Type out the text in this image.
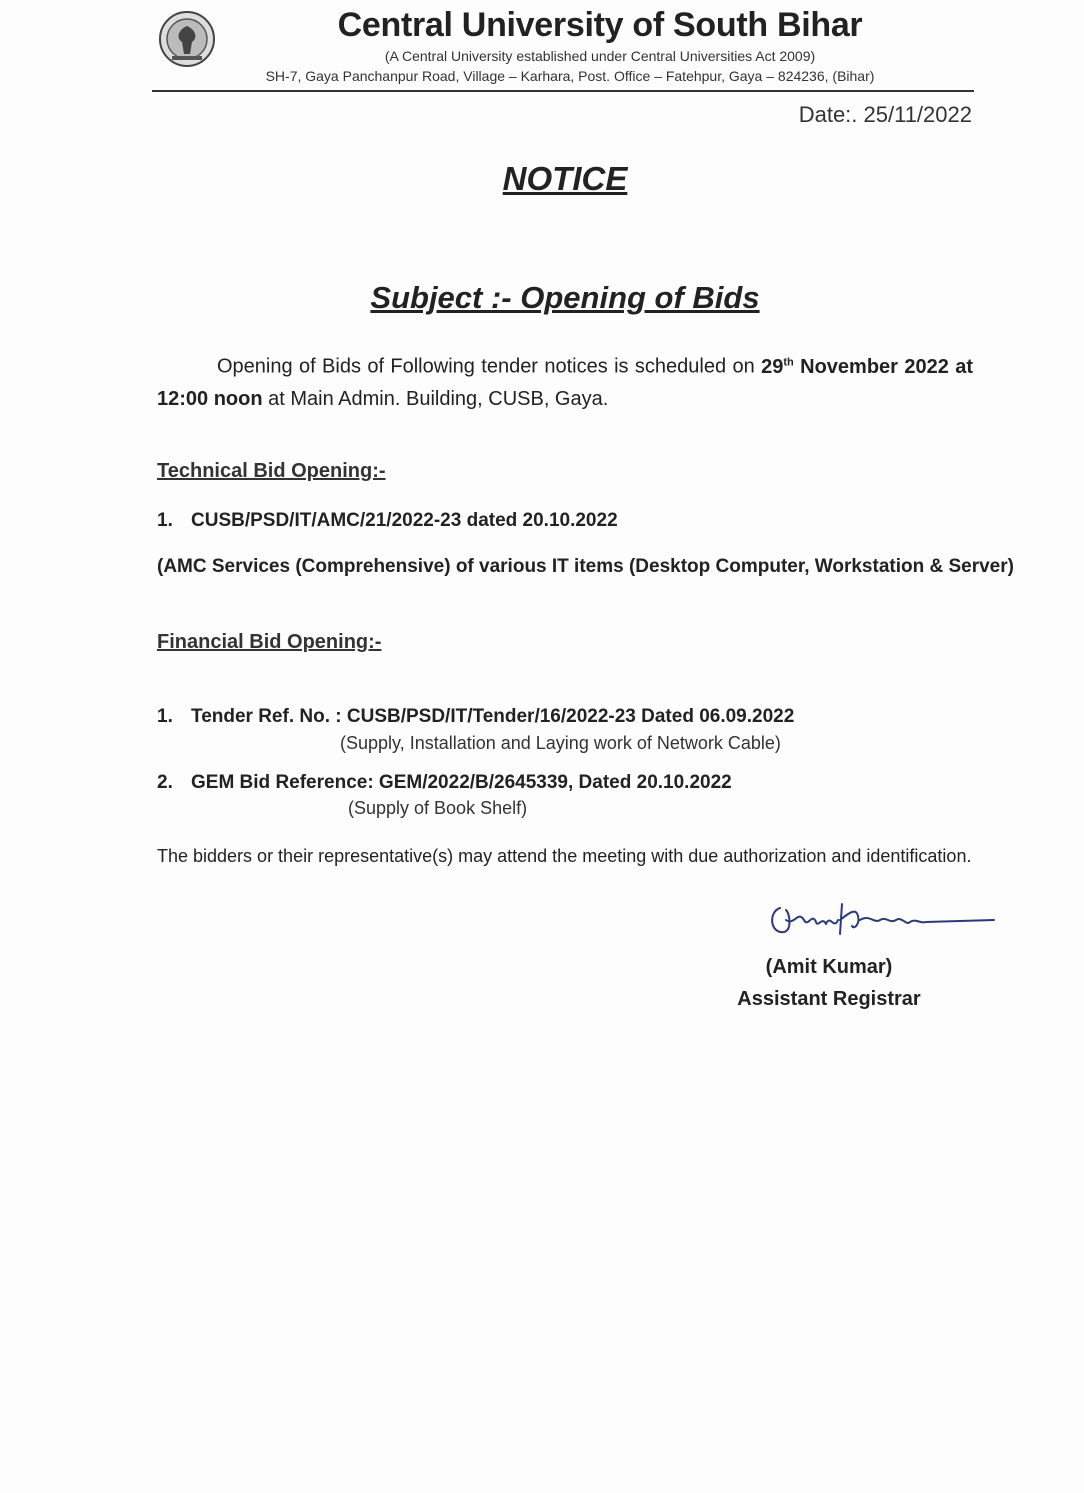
Central University of South Bihar
(A Central University established under Central Universities Act 2009)
SH-7, Gaya Panchanpur Road, Village – Karhara, Post. Office – Fatehpur, Gaya – 824236, (Bihar)
Date:. 25/11/2022
NOTICE
Subject :- Opening of Bids
Opening of Bids of Following tender notices is scheduled on 29th November 2022 at 12:00 noon at Main Admin. Building, CUSB, Gaya.
Technical Bid Opening:-
1. CUSB/PSD/IT/AMC/21/2022-23 dated 20.10.2022
(AMC Services (Comprehensive) of various IT items (Desktop Computer, Workstation & Server)
Financial Bid Opening:-
1. Tender Ref. No. : CUSB/PSD/IT/Tender/16/2022-23 Dated 06.09.2022
(Supply, Installation and Laying work of Network Cable)
2. GEM Bid Reference: GEM/2022/B/2645339, Dated 20.10.2022
(Supply of Book Shelf)
The bidders or their representative(s) may attend the meeting with due authorization and identification.
(Amit Kumar)
Assistant Registrar
